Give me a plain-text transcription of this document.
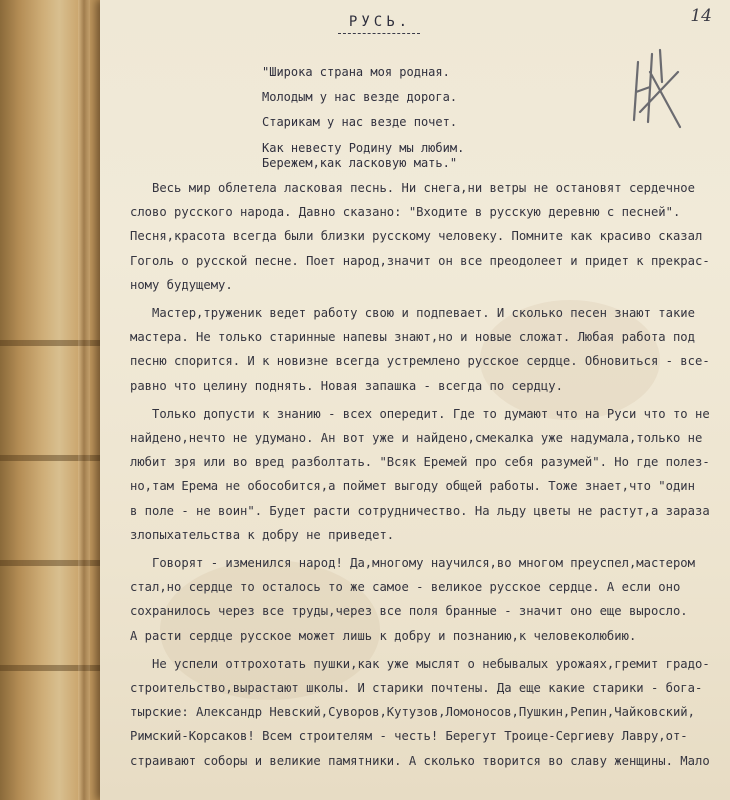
РУСЬ.	14
"Широка страна моя родная.
Молодым у нас везде дорога.
Старикам у нас везде почет.
Как невесту Родину мы любим.
Бережем,как ласковую мать."
Весь мир облетела ласковая песнь. Ни снега,ни ветры не остановят сердечное
слово русского народа. Давно сказано: "Входите в русскую деревню с песней".
Песня,красота всегда были близки русскому человеку. Помните как красиво сказал
Гоголь о русской песне. Поет народ,значит он все преодолеет и придет к прекрас-
ному будущему.
Мастер,труженик ведет работу свою и подпевает. И сколько песен знают такие
мастера. Не только старинные напевы знают,но и новые сложат. Любая работа под
песню спорится. И к новизне всегда устремлено русское сердце. Обновиться - все-
равно что целину поднять. Новая запашка - всегда по сердцу.
Только допусти к знанию - всех опередит. Где то думают что на Руси что то не
найдено,нечто не удумано. Ан вот уже и найдено,смекалка уже надумала,только не
любит зря или во вред разболтать. "Всяк Еремей про себя разумей". Но где полез-
но,там Ерема не обособится,а поймет выгоду общей работы. Тоже знает,что "один
в поле - не воин". Будет расти сотрудничество. На льду цветы не растут,а зараза
злопыхательства к добру не приведет.
Говорят - изменился народ! Да,многому научился,во многом преуспел,мастером
стал,но сердце то осталось то же самое - великое русское сердце. А если оно
сохранилось через все труды,через все поля бранные - значит оно еще выросло.
А расти сердце русское может лишь к добру и познанию,к человеколюбию.
Не успели оттрохотать пушки,как уже мыслят о небывалых урожаях,гремит градо-
строительство,вырастают школы. И старики почтены. Да еще какие старики - бога-
тырские: Александр Невский,Суворов,Кутузов,Ломоносов,Пушкин,Репин,Чайковский,
Римский-Корсаков! Всем строителям - честь! Берегут Троице-Сергиеву Лавру,от-
страивают соборы и великие памятники. А сколько творится во славу женщины. Мало
